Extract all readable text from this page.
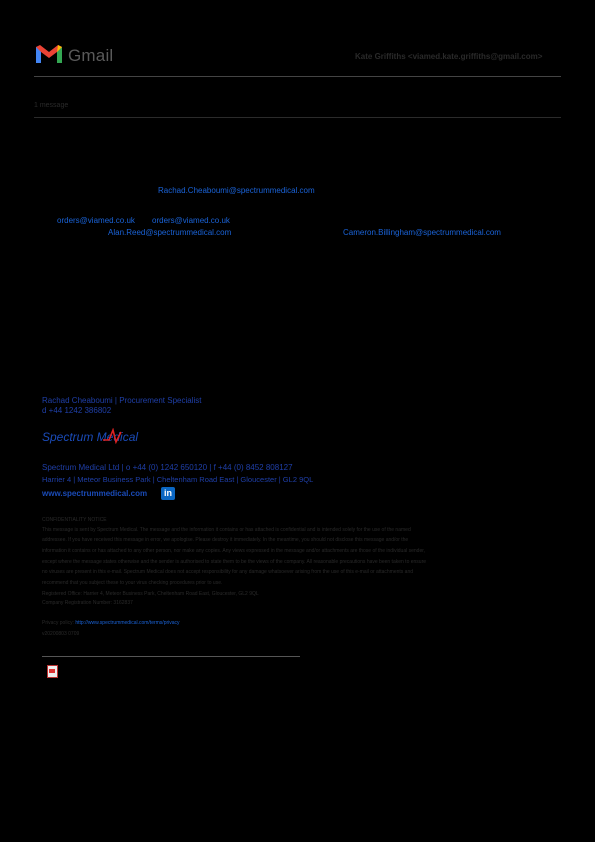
Gmail	Kate Griffiths <viamed.kate.griffiths@gmail.com>
1 message
Rachad.Cheaboumi@spectrummedical.com
orders@viamed.co.uk orders@viamed.co.uk
Alan.Reed@spectrummedical.com	Cameron.Billingham@spectrummedical.com
Rachad Cheaboumi | Procurement Specialist
d +44 1242 386802
Spectrum Medical
Spectrum Medical Ltd | o +44 (0) 1242 650120 | f +44 (0) 8452 808127
Harrier 4 | Meteor Business Park | Cheltenham Road East | Gloucester | GL2 9QL
www.spectrummedical.com	in
CONFIDENTIALITY NOTICE
This message is sent by Spectrum Medical. The message and the information it contains or has attached is confidential and is intended solely for the use of the named
addressee. If you have received this message in error, we apologise. Please destroy it immediately. In the meantime, you should not disclose this message and/or the
information it contains or has attached to any other person, nor make any copies. Any views expressed in the message and/or attachments are those of the individual sender,
except where the message states otherwise and the sender is authorised to state them to be the views of the company. All reasonable precautions have been taken to ensure
no viruses are present in this e-mail. Spectrum Medical does not accept responsibility for any damage whatsoever arising from the use of this e-mail or attachments and
recommend that you subject these to your virus checking procedures prior to use.
Registered Office: Harrier 4, Meteor Business Park, Cheltenham Road East, Gloucester, GL2 9QL
Company Registration Number: 3162837
Privacy policy: http://www.spectrummedical.com/terms/privacy
v20200803 0709
